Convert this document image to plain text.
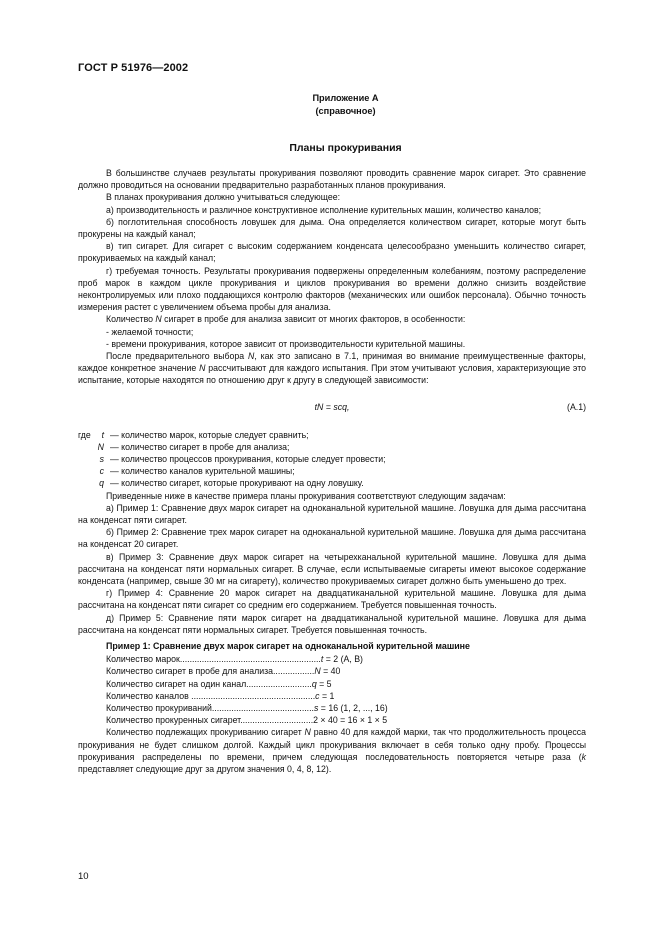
ГОСТ Р 51976—2002
Приложение А
(справочное)
Планы прокуривания

В большинстве случаев результаты прокуривания позволяют проводить сравнение марок сигарет. Это сравнение должно проводиться на основании предварительно разработанных планов прокуривания.

В планах прокуривания должно учитываться следующее:

а) производительность и различное конструктивное исполнение курительных машин, количество каналов;

б) поглотительная способность ловушек для дыма. Она определяется количеством сигарет, которые могут быть прокурены на каждый канал;

в) тип сигарет. Для сигарет с высоким содержанием конденсата целесообразно уменьшить количество сигарет, прокуриваемых на каждый канал;

г) требуемая точность. Результаты прокуривания подвержены определенным колебаниям, поэтому распределение проб марок в каждом цикле прокуривания и циклов прокуривания во времени должно снизить воздействие неконтролируемых или плохо поддающихся контролю факторов (механических или ошибок персонала). Обычно точность измерения растет с увеличением объема пробы для анализа.

Количество N сигарет в пробе для анализа зависит от многих факторов, в особенности:

- желаемой точности;

- времени прокуривания, которое зависит от производительности курительной машины.

После предварительного выбора N, как это записано в 7.1, принимая во внимание преимущественные факторы, каждое конкретное значение N рассчитывают для каждого испытания. При этом учитывают условия, характеризующие это испытание, которые находятся по отношению друг к другу в следующей зависимости:

tN = scq,	(А.1)
где	t — количество марок, которые следует сравнить;
N — количество сигарет в пробе для анализа;
s — количество процессов прокуривания, которые следует провести;
c — количество каналов курительной машины;
q — количество сигарет, которые прокуривают на одну ловушку.

Приведенные ниже в качестве примера планы прокуривания соответствуют следующим задачам:

а) Пример 1: Сравнение двух марок сигарет на одноканальной курительной машине. Ловушка для дыма рассчитана на конденсат пяти сигарет.

б) Пример 2: Сравнение трех марок сигарет на одноканальной курительной машине. Ловушка для дыма рассчитана на конденсат 20 сигарет.

в) Пример 3: Сравнение двух марок сигарет на четырехканальной курительной машине. Ловушка для дыма рассчитана на конденсат пяти нормальных сигарет. В случае, если испытываемые сигареты имеют высокое содержание конденсата (например, свыше 30 мг на сигарету), количество прокуриваемых сигарет должно быть уменьшено до трех.

г) Пример 4: Сравнение 20 марок сигарет на двадцатиканальной курительной машине. Ловушка для дыма рассчитана на конденсат пяти сигарет со средним его содержанием. Требуется повышенная точность.

д) Пример 5: Сравнение пяти марок сигарет на двадцатиканальной курительной машине. Ловушка для дыма рассчитана на конденсат пяти нормальных сигарет. Требуется повышенная точность.

Пример 1: Сравнение двух марок сигарет на одноканальной курительной машине
Количество марок..........................................................t = 2 (А, В)
Количество сигарет в пробе для анализа.................N = 40
Количество сигарет на один канал...........................q = 5
Количество каналов ...................................................c = 1
Количество прокуриваний..........................................s = 16 (1, 2, ..., 16)
Количество прокуренных сигарет..............................2 × 40 = 16 × 1 × 5

Количество подлежащих прокуриванию сигарет N равно 40 для каждой марки, так что продолжительность процесса прокуривания не будет слишком долгой. Каждый цикл прокуривания включает в себя только одну пробу. Процессы прокуривания распределены по времени, причем следующая последовательность повторяется четыре раза (k представляет следующие друг за другом значения 0, 4, 8, 12).

10
